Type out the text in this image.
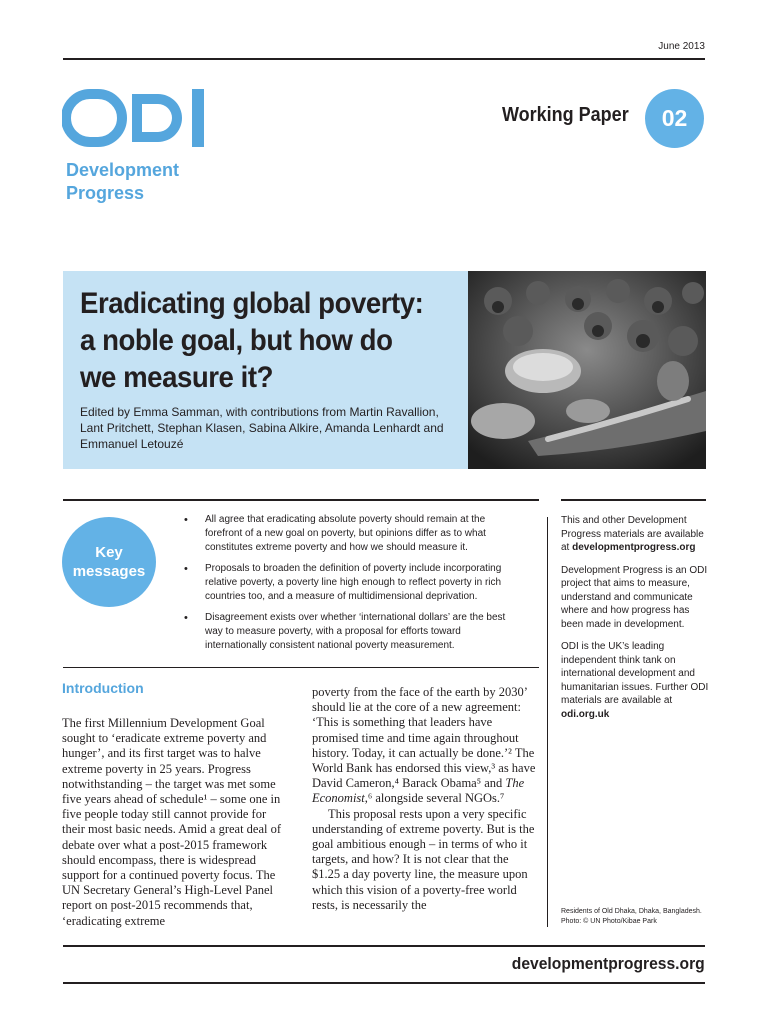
June 2013
Development
Progress
Working Paper	02
Eradicating global poverty:
a noble goal, but how do
we measure it?
Edited by Emma Samman, with contributions from Martin Ravallion, Lant Pritchett, Stephan Klasen, Sabina Alkire, Amanda Lenhardt and Emmanuel Letouzé
Key
messages
• All agree that eradicating absolute poverty should remain at the forefront of a new goal on poverty, but opinions differ as to what constitutes extreme poverty and how we should measure it.
• Proposals to broaden the definition of poverty include incorporating relative poverty, a poverty line high enough to reflect poverty in rich countries too, and a measure of multidimensional deprivation.
• Disagreement exists over whether ‘international dollars’ are the best way to measure poverty, with a proposal for efforts toward internationally consistent national poverty measurement.
Introduction
The first Millennium Development Goal sought to ‘eradicate extreme poverty and hunger’, and its first target was to halve extreme poverty in 25 years. Progress notwithstanding – the target was met some five years ahead of schedule¹ – some one in five people today still cannot provide for their most basic needs. Amid a great deal of debate over what a post-2015 framework should encompass, there is widespread support for a continued poverty focus. The UN Secretary General’s High-Level Panel report on post-2015 recommends that, ‘eradicating extreme

poverty from the face of the earth by 2030’ should lie at the core of a new agreement: ‘This is something that leaders have promised time and time again throughout history. Today, it can actually be done.’² The World Bank has endorsed this view,³ as have David Cameron,⁴ Barack Obama⁵ and The Economist,⁶ alongside several NGOs.⁷

This proposal rests upon a very specific understanding of extreme poverty. But is the goal ambitious enough – in terms of who it targets, and how? It is not clear that the $1.25 a day poverty line, the measure upon which this vision of a poverty-free world rests, is necessarily the

This and other Development Progress materials are available at developmentprogress.org

Development Progress is an ODI project that aims to measure, understand and communicate where and how progress has been made in development.

ODI is the UK’s leading independent think tank on international development and humanitarian issues. Further ODI materials are available at odi.org.uk

Residents of Old Dhaka, Dhaka, Bangladesh.
Photo: © UN Photo/Kibae Park
developmentprogress.org
